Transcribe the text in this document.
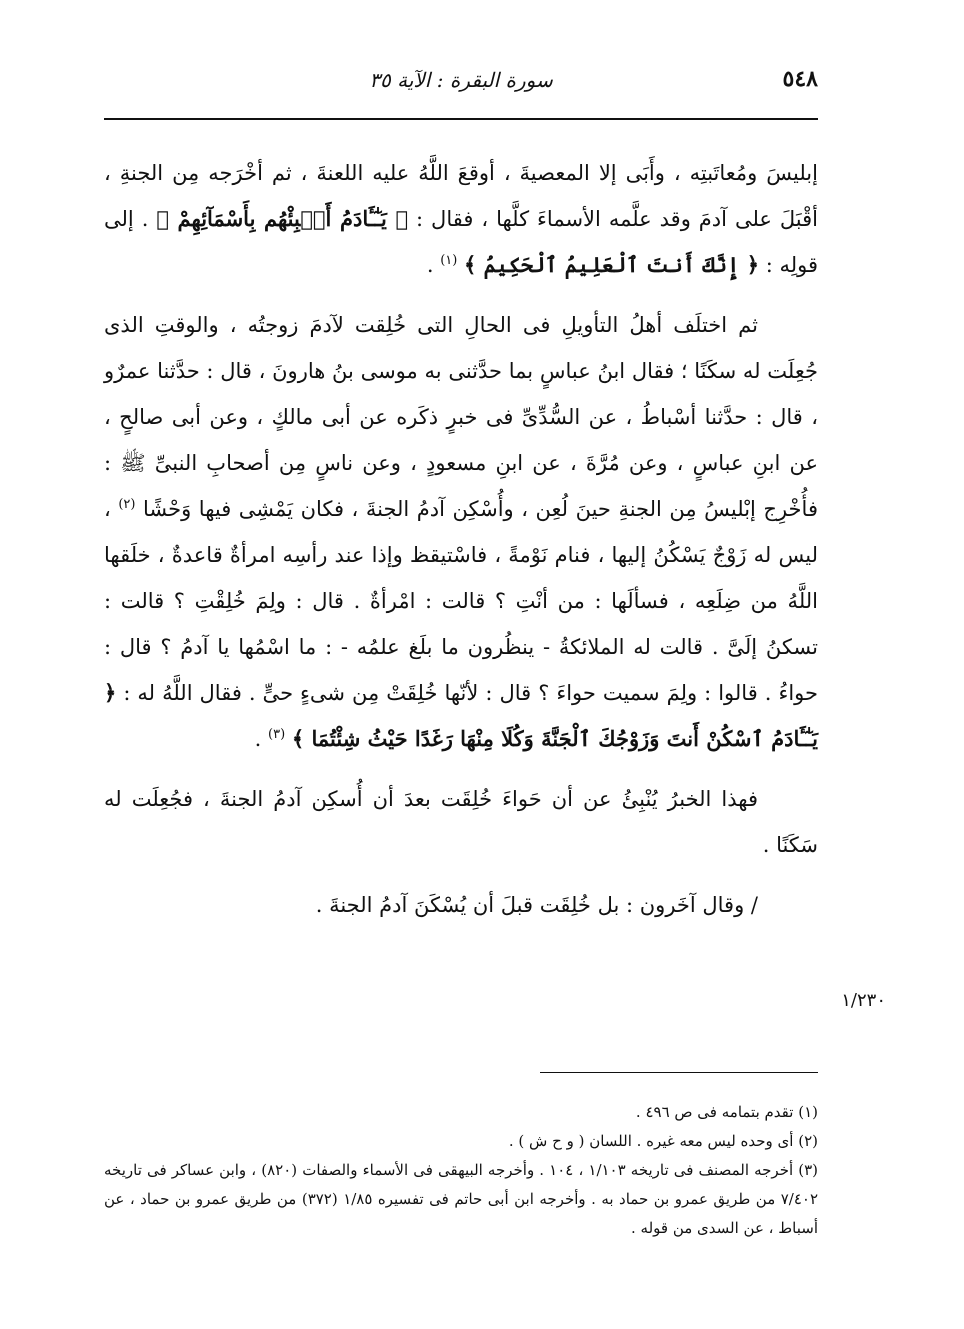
٥٤٨
سورة البقرة : الآية ٣٥

إبليسَ ومُعاتَبتِه ، وأَبَى إلا المعصيةَ ، أوقعَ اللَّهُ عليه اللعنةَ ، ثم أخْرَجه مِن الجنةِ ، أقْبَلَ على آدمَ وقد علَّمه الأسماءَ كلَّها ، فقال : ﴿ يَـٰٓـَٔادَمُ أَنۢبِئْهُم بِأَسْمَآئِهِمْ ﴾ . إلى قولِه : ﴿ إِنَّكَ أَنتَ ٱلْعَلِيمُ ٱلْحَكِيمُ ﴾ $^{(١)}$ .

ثم اختلَف أهلُ التأويلِ فى الحالِ التى خُلِقت لآدمَ زوجتُه ، والوقتِ الذى جُعِلَت له سكَنًا ؛ فقال ابنُ عباسٍ بما حدَّثنى به موسى بنُ هارونَ ، قال : حدَّثنا عمرٌو ، قال : حدَّثنا أسْباطُ ، عن السُّدِّىِّ فى خبرٍ ذكَره عن أبى مالكٍ ، وعن أبى صالحٍ ، عن ابنِ عباسٍ ، وعن مُرَّةَ ، عن ابنِ مسعودٍ ، وعن ناسٍ مِن أصحابِ النبىِّ ﷺ : فأُخْرِج إبْليسُ مِن الجنةِ حينَ لُعِن ، وأُسْكِن آدمُ الجنةَ ، فكان يَمْشِى فيها وَحْشًا $^{(٢)}$ ، ليس له زَوْجٌ يَسْكُنُ إليها ، فنام نَوْمةً ، فاسْتيقظ وإذا عند رأسِه امرأةٌ قاعدةٌ ، خلَقها اللَّهُ من ضِلَعِه ، فسألَها : من أنْتِ ؟ قالت : امْرأةٌ . قال : ولِمَ خُلِقْتِ ؟ قالت : تسكنُ إلَىَّ . قالت له الملائكةُ - ينظُرون ما بلَغ علمُه - : ما اسْمُها يا آدمُ ؟ قال : حواءُ . قالوا : ولِمَ سميت حواءَ ؟ قال : لأنّها خُلِقَتْ مِن شىءٍ حىٍّ . فقال اللَّهُ له : ﴿ يَـٰٓـَٔادَمُ ٱسْكُنْ أَنتَ وَزَوْجُكَ ٱلْجَنَّةَ وَكُلَا مِنْهَا رَغَدًا حَيْثُ شِئْتُمَا ﴾ $^{(٣)}$ .

فهذا الخبرُ يُنْبِئُ عن أن حَواءَ خُلِقَت بعدَ أن أُسكِن آدمُ الجنةَ ، فجُعِلَت له سَكَنًا .

/ وقال آخَرون : بل خُلِقَت قبلَ أن يُسْكَنَ آدمُ الجنةَ .

١/٢٣٠

(١) تقدم بتمامه فى ص ٤٩٦ .

(٢) أى وحده ليس معه غيره . اللسان ( و ح ش ) .

(٣) أخرجه المصنف فى تاريخه ١/١٠٣ ، ١٠٤ . وأخرجه البيهقى فى الأسماء والصفات (٨٢٠) ، وابن عساكر فى تاريخه ٧/٤٠٢ من طريق عمرو بن حماد به . وأخرجه ابن أبى حاتم فى تفسيره ١/٨٥ (٣٧٢) من طريق عمرو بن حماد ، عن أسباط ، عن السدى من قوله .
